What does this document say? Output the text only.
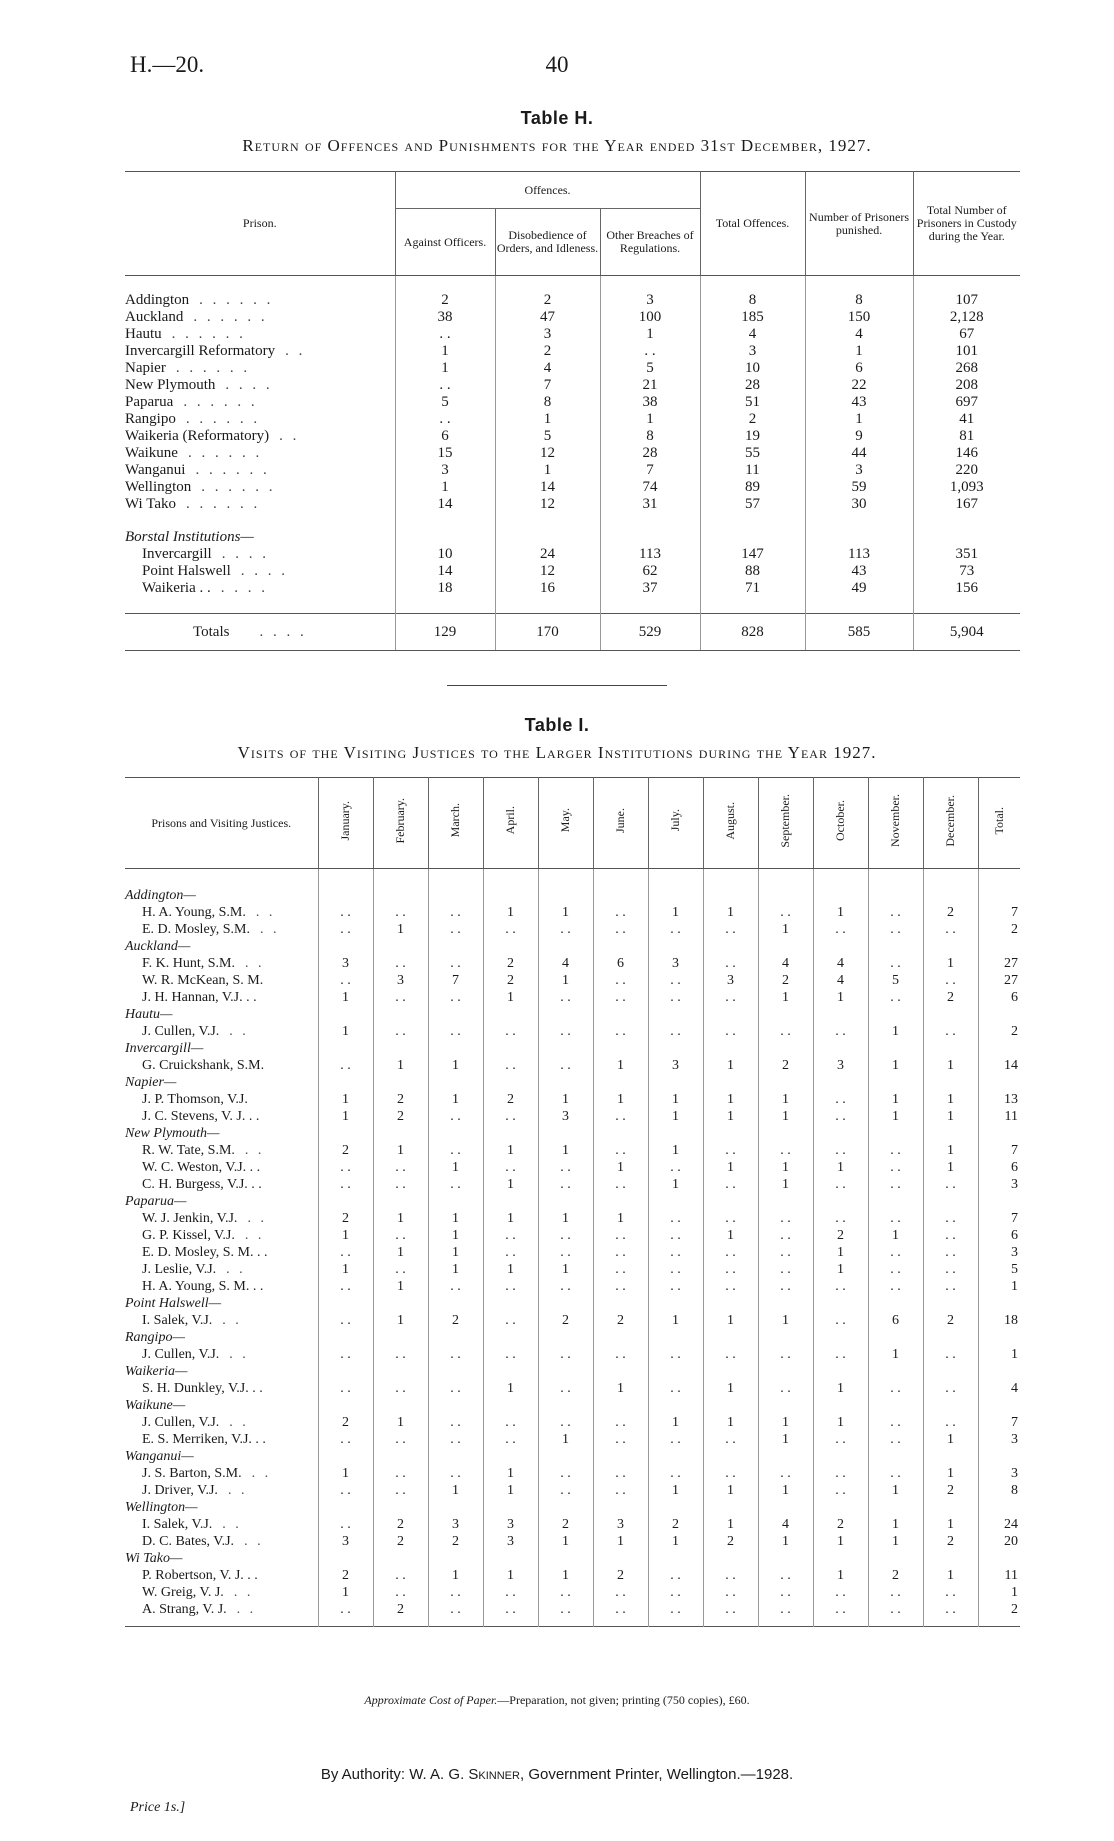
H.—20.	40
Table H.
Return of Offences and Punishments for the Year ended 31st December, 1927.
Prison.	Offences.			Total Offences.	Number of Prisoners punished.	Total Number of Prisoners in Custody during the Year.
	Against Officers.	Disobedience of Orders, and Idleness.	Other Breaches of Regulations.			

Addington . . . . . .	2	2	3	8	8	107
Auckland . . . . . .	38	47	100	185	150	2,128
Hautu . . . . . .	. .	3	1	4	4	67
Invercargill Reformatory . .	1	2	. .	3	1	101
Napier . . . . . .	1	4	5	10	6	268
New Plymouth . . . .	. .	7	21	28	22	208
Paparua . . . . . .	5	8	38	51	43	697
Rangipo . . . . . .	. .	1	1	2	1	41
Waikeria (Reformatory) . .	6	5	8	19	9	81
Waikune . . . . . .	15	12	28	55	44	146
Wanganui . . . . . .	3	1	7	11	3	220
Wellington . . . . . .	1	14	74	89	59	1,093
Wi Tako . . . . . .	14	12	31	57	30	167

Borstal Institutions—						
Invercargill . . . .	10	24	113	147	113	351
Point Halswell . . . .	14	12	62	88	43	73
Waikeria . . . . . .	18	16	37	71	49	156

Totals . . . .	129	170	529	828	585	5,904
Table I.
Visits of the Visiting Justices to the Larger Institutions during the Year 1927.
Prisons and Visiting Justices.	January.	February.	March.	April.	May.	June.	July.	August.	September.	October.	November.	December.	Total.

Addington—													
H. A. Young, S.M. . .	. .	. .	. .	1	1	. .	1	1	. .	1	. .	2	7
E. D. Mosley, S.M. . .	. .	1	. .	. .	. .	. .	. .	. .	1	. .	. .	. .	2
Auckland—													
F. K. Hunt, S.M. . .	3	. .	. .	2	4	6	3	. .	4	4	. .	1	27
W. R. McKean, S. M.	. .	3	7	2	1	. .	. .	3	2	4	5	. .	27
J. H. Hannan, V.J. . .	1	. .	. .	1	. .	. .	. .	. .	1	1	. .	2	6
Hautu—													
J. Cullen, V.J. . .	1	. .	. .	. .	. .	. .	. .	. .	. .	. .	1	. .	2
Invercargill—													
G. Cruickshank, S.M.	. .	1	1	. .	. .	1	3	1	2	3	1	1	14
Napier—													
J. P. Thomson, V.J.	1	2	1	2	1	1	1	1	1	. .	1	1	13
J. C. Stevens, V. J. . .	1	2	. .	. .	3	. .	1	1	1	. .	1	1	11
New Plymouth—													
R. W. Tate, S.M. . .	2	1	. .	1	1	. .	1	. .	. .	. .	. .	1	7
W. C. Weston, V.J. . .	. .	. .	1	. .	. .	1	. .	1	1	1	. .	1	6
C. H. Burgess, V.J. . .	. .	. .	. .	1	. .	. .	1	. .	1	. .	. .	. .	3
Paparua—													
W. J. Jenkin, V.J. . .	2	1	1	1	1	1	. .	. .	. .	. .	. .	. .	7
G. P. Kissel, V.J. . .	1	. .	1	. .	. .	. .	. .	1	. .	2	1	. .	6
E. D. Mosley, S. M. . .	. .	1	1	. .	. .	. .	. .	. .	. .	1	. .	. .	3
J. Leslie, V.J. . .	1	. .	1	1	1	. .	. .	. .	. .	1	. .	. .	5
H. A. Young, S. M. . .	. .	1	. .	. .	. .	. .	. .	. .	. .	. .	. .	. .	1
Point Halswell—													
I. Salek, V.J. . .	. .	1	2	. .	2	2	1	1	1	. .	6	2	18
Rangipo—													
J. Cullen, V.J. . .	. .	. .	. .	. .	. .	. .	. .	. .	. .	. .	1	. .	1
Waikeria—													
S. H. Dunkley, V.J. . .	. .	. .	. .	1	. .	1	. .	1	. .	1	. .	. .	4
Waikune—													
J. Cullen, V.J. . .	2	1	. .	. .	. .	. .	1	1	1	1	. .	. .	7
E. S. Merriken, V.J. . .	. .	. .	. .	. .	1	. .	. .	. .	1	. .	. .	1	3
Wanganui—													
J. S. Barton, S.M. . .	1	. .	. .	1	. .	. .	. .	. .	. .	. .	. .	1	3
J. Driver, V.J. . .	. .	. .	1	1	. .	. .	1	1	1	. .	1	2	8
Wellington—													
I. Salek, V.J. . .	. .	2	3	3	2	3	2	1	4	2	1	1	24
D. C. Bates, V.J. . .	3	2	2	3	1	1	1	2	1	1	1	2	20
Wi Tako—													
P. Robertson, V. J. . .	2	. .	1	1	1	2	. .	. .	. .	1	2	1	11
W. Greig, V. J. . .	1	. .	. .	. .	. .	. .	. .	. .	. .	. .	. .	. .	1
A. Strang, V. J. . .	. .	2	. .	. .	. .	. .	. .	. .	. .	. .	. .	. .	2

Approximate Cost of Paper.—Preparation, not given; printing (750 copies), £60.
By Authority: W. A. G. Skinner, Government Printer, Wellington.—1928.
Price 1s.]
